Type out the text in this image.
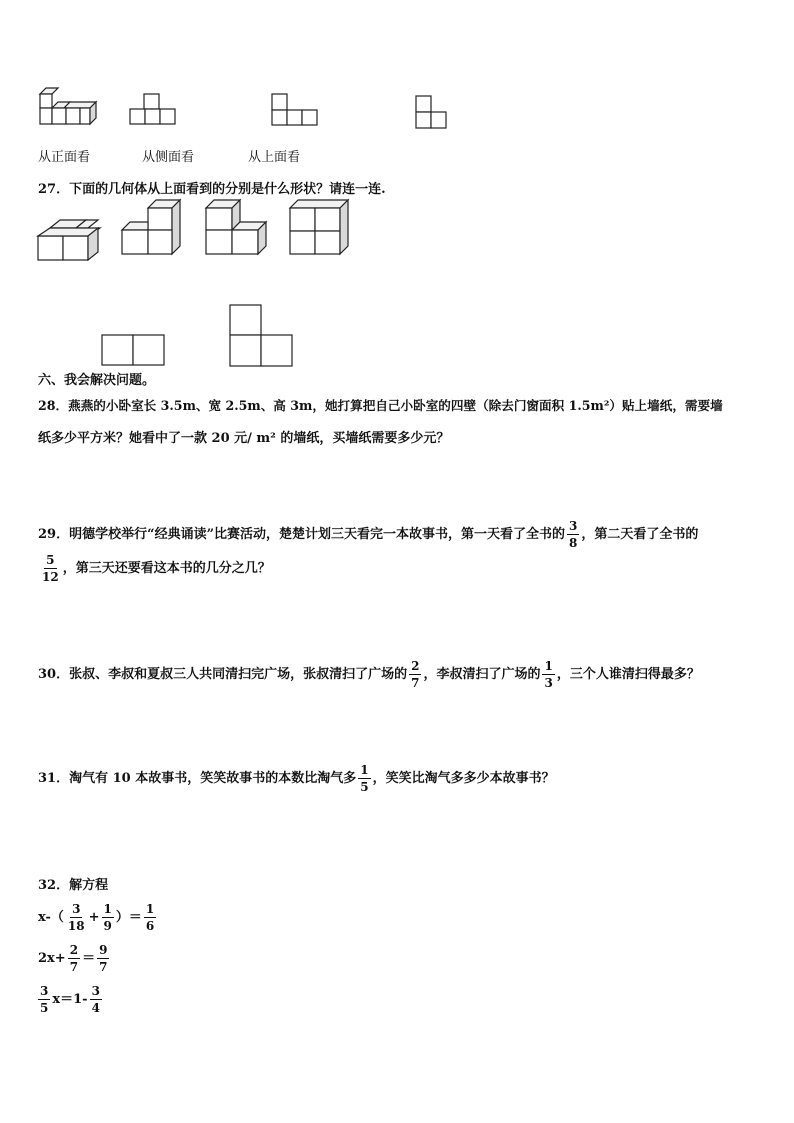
从正面看	从侧面看	从上面看
27．下面的几何体从上面看到的分别是什么形状？请连一连.
六、我会解决问题。
28．燕燕的小卧室长 3.5m、宽 2.5m、高 3m，她打算把自己小卧室的四壁（除去门窗面积 1.5m²）贴上墙纸，需要墙
纸多少平方米？她看中了一款 20 元/ m² 的墙纸，买墙纸需要多少元？
29．明德学校举行“经典诵读”比赛活动，楚楚计划三天看完一本故事书，第一天看了全书的 $\frac{3}{8}$ ，第二天看了全书的
$\frac{5}{12}$ ，第三天还要看这本书的几分之几？
30．张叔、李叔和夏叔三人共同清扫完广场，张叔清扫了广场的 $\frac{2}{7}$ ，李叔清扫了广场的 $\frac{1}{3}$ ，三个人谁清扫得最多？
31．淘气有 10 本故事书，笑笑故事书的本数比淘气多 $\frac{1}{5}$ ，笑笑比淘气多多少本故事书？
32．解方程
$x-( \frac{3}{18} + \frac{1}{9}$ ）＝ $\frac{1}{6}$
$2x+ \frac{2}{7} = \frac{9}{7}$
$\frac{3}{5} x=1- \frac{3}{4}$
